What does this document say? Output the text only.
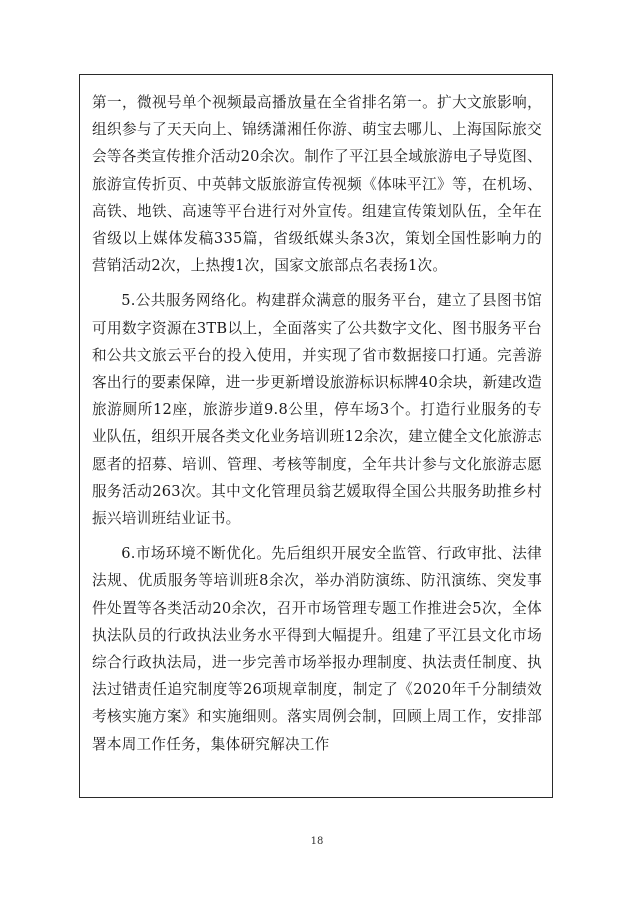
第一，微视号单个视频最高播放量在全省排名第一。扩大文旅影响，组织参与了天天向上、锦绣潇湘任你游、萌宝去哪儿、上海国际旅交会等各类宣传推介活动20余次。制作了平江县全域旅游电子导览图、旅游宣传折页、中英韩文版旅游宣传视频《体味平江》等，在机场、高铁、地铁、高速等平台进行对外宣传。组建宣传策划队伍，全年在省级以上媒体发稿335篇，省级纸媒头条3次，策划全国性影响力的营销活动2次，上热搜1次，国家文旅部点名表扬1次。

5.公共服务网络化。构建群众满意的服务平台，建立了县图书馆可用数字资源在3TB以上，全面落实了公共数字文化、图书服务平台和公共文旅云平台的投入使用，并实现了省市数据接口打通。完善游客出行的要素保障，进一步更新增设旅游标识标牌40余块，新建改造旅游厕所12座，旅游步道9.8公里，停车场3个。打造行业服务的专业队伍，组织开展各类文化业务培训班12余次，建立健全文化旅游志愿者的招募、培训、管理、考核等制度，全年共计参与文化旅游志愿服务活动263次。其中文化管理员翁艺媛取得全国公共服务助推乡村振兴培训班结业证书。

6.市场环境不断优化。先后组织开展安全监管、行政审批、法律法规、优质服务等培训班8余次，举办消防演练、防汛演练、突发事件处置等各类活动20余次，召开市场管理专题工作推进会5次，全体执法队员的行政执法业务水平得到大幅提升。组建了平江县文化市场综合行政执法局，进一步完善市场举报办理制度、执法责任制度、执法过错责任追究制度等26项规章制度，制定了《2020年千分制绩效考核实施方案》和实施细则。落实周例会制，回顾上周工作，安排部署本周工作任务，集体研究解决工作

18
